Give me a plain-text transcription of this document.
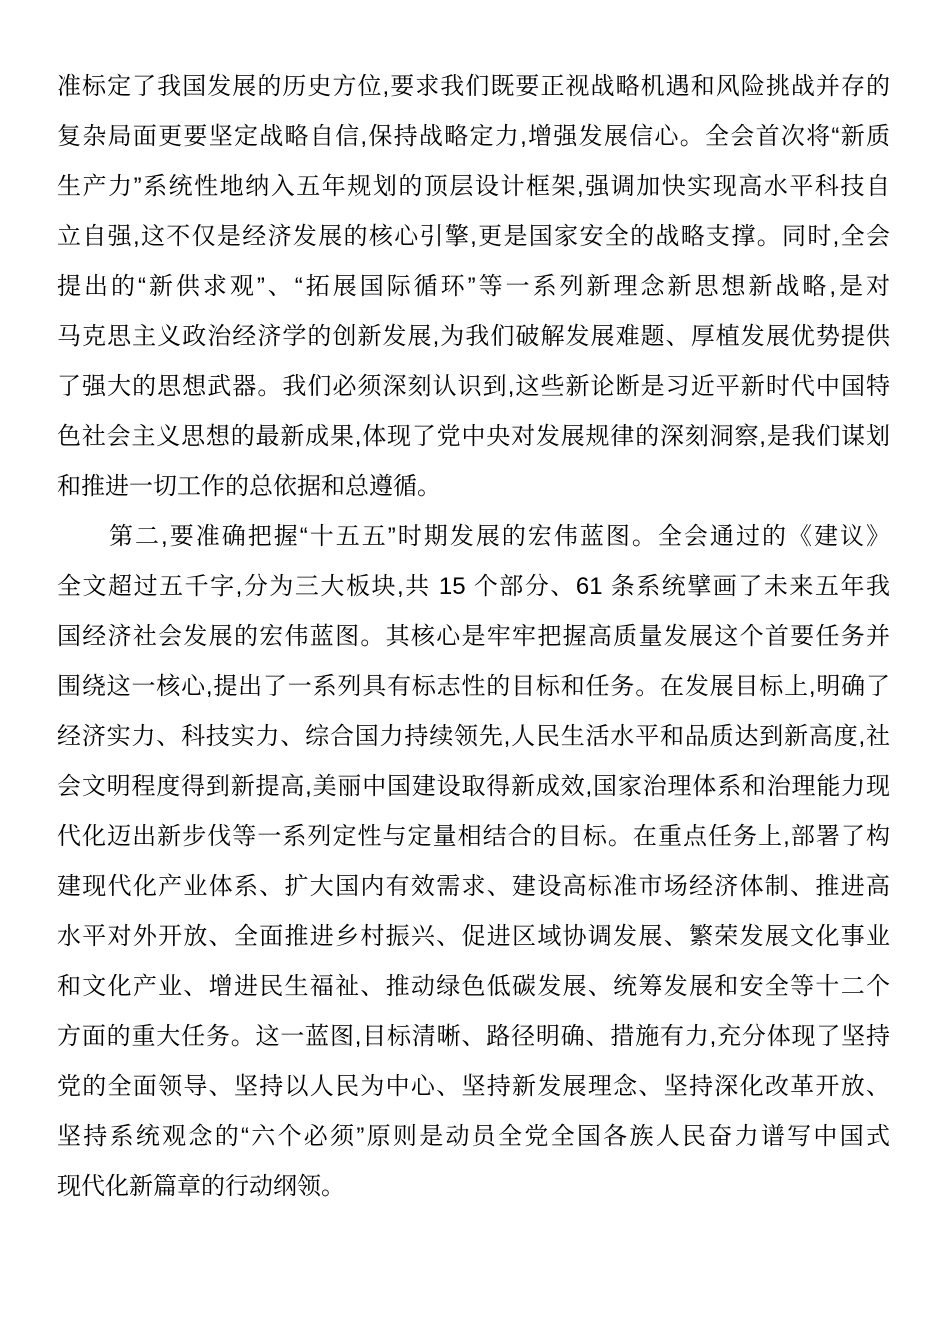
准标定了我国发展的历史方位,要求我们既要正视战略机遇和风险挑战并存的
复杂局面更要坚定战略自信,保持战略定力,增强发展信心。全会首次将“新质
生产力”系统性地纳入五年规划的顶层设计框架,强调加快实现高水平科技自
立自强,这不仅是经济发展的核心引擎,更是国家安全的战略支撑。同时,全会
提出的“新供求观”、“拓展国际循环”等一系列新理念新思想新战略,是对
马克思主义政治经济学的创新发展,为我们破解发展难题、厚植发展优势提供
了强大的思想武器。我们必须深刻认识到,这些新论断是习近平新时代中国特
色社会主义思想的最新成果,体现了党中央对发展规律的深刻洞察,是我们谋划
和推进一切工作的总依据和总遵循。
第二,要准确把握“十五五”时期发展的宏伟蓝图。全会通过的《建议》
全文超过五千字,分为三大板块,共 15 个部分、61 条系统擘画了未来五年我
国经济社会发展的宏伟蓝图。其核心是牢牢把握高质量发展这个首要任务并
围绕这一核心,提出了一系列具有标志性的目标和任务。在发展目标上,明确了
经济实力、科技实力、综合国力持续领先,人民生活水平和品质达到新高度,社
会文明程度得到新提高,美丽中国建设取得新成效,国家治理体系和治理能力现
代化迈出新步伐等一系列定性与定量相结合的目标。在重点任务上,部署了构
建现代化产业体系、扩大国内有效需求、建设高标准市场经济体制、推进高
水平对外开放、全面推进乡村振兴、促进区域协调发展、繁荣发展文化事业
和文化产业、增进民生福祉、推动绿色低碳发展、统筹发展和安全等十二个
方面的重大任务。这一蓝图,目标清晰、路径明确、措施有力,充分体现了坚持
党的全面领导、坚持以人民为中心、坚持新发展理念、坚持深化改革开放、
坚持系统观念的“六个必须”原则是动员全党全国各族人民奋力谱写中国式
现代化新篇章的行动纲领。
